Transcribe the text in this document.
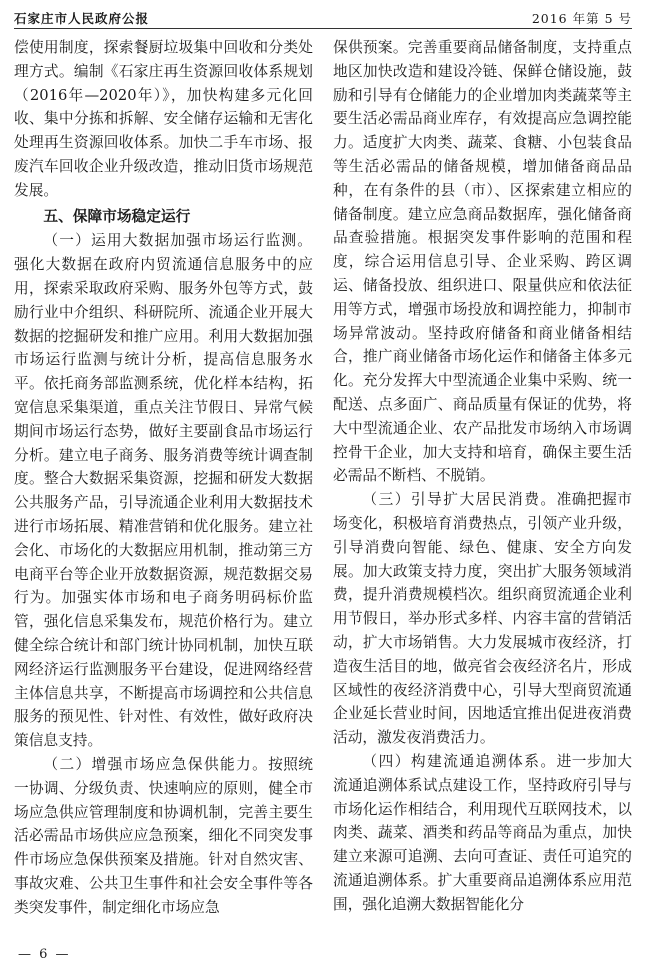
石家庄市人民政府公报	2016 年第 5 号

偿使用制度，探索餐厨垃圾集中回收和分类处理方式。编制《石家庄再生资源回收体系规划（2016年—2020年）》，加快构建多元化回收、集中分拣和拆解、安全储存运输和无害化处理再生资源回收体系。加快二手车市场、报废汽车回收企业升级改造，推动旧货市场规范发展。

五、保障市场稳定运行

（一）运用大数据加强市场运行监测。强化大数据在政府内贸流通信息服务中的应用，探索采取政府采购、服务外包等方式，鼓励行业中介组织、科研院所、流通企业开展大数据的挖掘研发和推广应用。利用大数据加强市场运行监测与统计分析，提高信息服务水平。依托商务部监测系统，优化样本结构，拓宽信息采集渠道，重点关注节假日、异常气候期间市场运行态势，做好主要副食品市场运行分析。建立电子商务、服务消费等统计调查制度。整合大数据采集资源，挖掘和研发大数据公共服务产品，引导流通企业利用大数据技术进行市场拓展、精准营销和优化服务。建立社会化、市场化的大数据应用机制，推动第三方电商平台等企业开放数据资源，规范数据交易行为。加强实体市场和电子商务明码标价监管，强化信息采集发布，规范价格行为。建立健全综合统计和部门统计协同机制，加快互联网经济运行监测服务平台建设，促进网络经营主体信息共享，不断提高市场调控和公共信息服务的预见性、针对性、有效性，做好政府决策信息支持。

（二）增强市场应急保供能力。按照统一协调、分级负责、快速响应的原则，健全市场应急供应管理制度和协调机制，完善主要生活必需品市场供应应急预案，细化不同突发事件市场应急保供预案及措施。针对自然灾害、事故灾难、公共卫生事件和社会安全事件等各类突发事件，制定细化市场应急

保供预案。完善重要商品储备制度，支持重点地区加快改造和建设冷链、保鲜仓储设施，鼓励和引导有仓储能力的企业增加肉类蔬菜等主要生活必需品商业库存，有效提高应急调控能力。适度扩大肉类、蔬菜、食糖、小包装食品等生活必需品的储备规模，增加储备商品品种，在有条件的县（市）、区探索建立相应的储备制度。建立应急商品数据库，强化储备商品查验措施。根据突发事件影响的范围和程度，综合运用信息引导、企业采购、跨区调运、储备投放、组织进口、限量供应和依法征用等方式，增强市场投放和调控能力，抑制市场异常波动。坚持政府储备和商业储备相结合，推广商业储备市场化运作和储备主体多元化。充分发挥大中型流通企业集中采购、统一配送、点多面广、商品质量有保证的优势，将大中型流通企业、农产品批发市场纳入市场调控骨干企业，加大支持和培育，确保主要生活必需品不断档、不脱销。

（三）引导扩大居民消费。准确把握市场变化，积极培育消费热点，引领产业升级，引导消费向智能、绿色、健康、安全方向发展。加大政策支持力度，突出扩大服务领域消费，提升消费规模档次。组织商贸流通企业利用节假日，举办形式多样、内容丰富的营销活动，扩大市场销售。大力发展城市夜经济，打造夜生活目的地，做亮省会夜经济名片，形成区域性的夜经济消费中心，引导大型商贸流通企业延长营业时间，因地适宜推出促进夜消费活动，激发夜消费活力。

（四）构建流通追溯体系。进一步加大流通追溯体系试点建设工作，坚持政府引导与市场化运作相结合，利用现代互联网技术，以肉类、蔬菜、酒类和药品等商品为重点，加快建立来源可追溯、去向可查证、责任可追究的流通追溯体系。扩大重要商品追溯体系应用范围，强化追溯大数据智能化分

— 6 —
